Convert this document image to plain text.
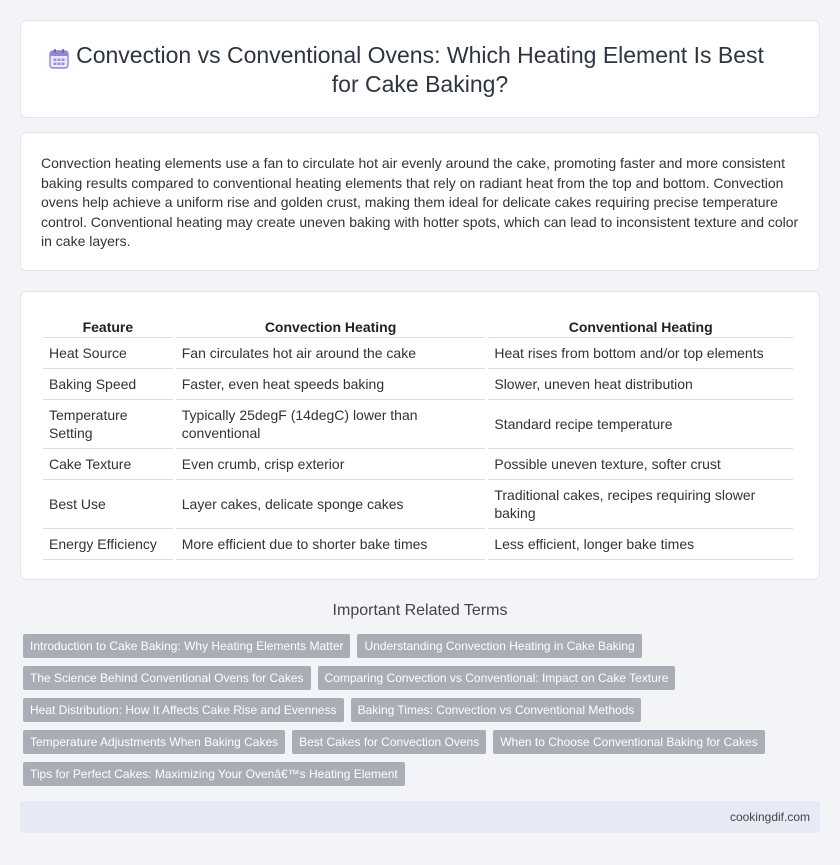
Convection vs Conventional Ovens: Which Heating Element Is Best for Cake Baking?

Convection heating elements use a fan to circulate hot air evenly around the cake, promoting faster and more consistent baking results compared to conventional heating elements that rely on radiant heat from the top and bottom. Convection ovens help achieve a uniform rise and golden crust, making them ideal for delicate cakes requiring precise temperature control. Conventional heating may create uneven baking with hotter spots, which can lead to inconsistent texture and color in cake layers.

Feature	Convection Heating	Conventional Heating
Heat Source	Fan circulates hot air around the cake	Heat rises from bottom and/or top elements
Baking Speed	Faster, even heat speeds baking	Slower, uneven heat distribution
Temperature Setting	Typically 25degF (14degC) lower than conventional	Standard recipe temperature
Cake Texture	Even crumb, crisp exterior	Possible uneven texture, softer crust
Best Use	Layer cakes, delicate sponge cakes	Traditional cakes, recipes requiring slower baking
Energy Efficiency	More efficient due to shorter bake times	Less efficient, longer bake times
Important Related Terms
Introduction to Cake Baking: Why Heating Elements Matter	Understanding Convection Heating in Cake Baking
The Science Behind Conventional Ovens for Cakes	Comparing Convection vs Conventional: Impact on Cake Texture
Heat Distribution: How It Affects Cake Rise and Evenness	Baking Times: Convection vs Conventional Methods
Temperature Adjustments When Baking Cakes	Best Cakes for Convection Ovens	When to Choose Conventional Baking for Cakes
Tips for Perfect Cakes: Maximizing Your Ovenâ€™s Heating Element
cookingdif.com
